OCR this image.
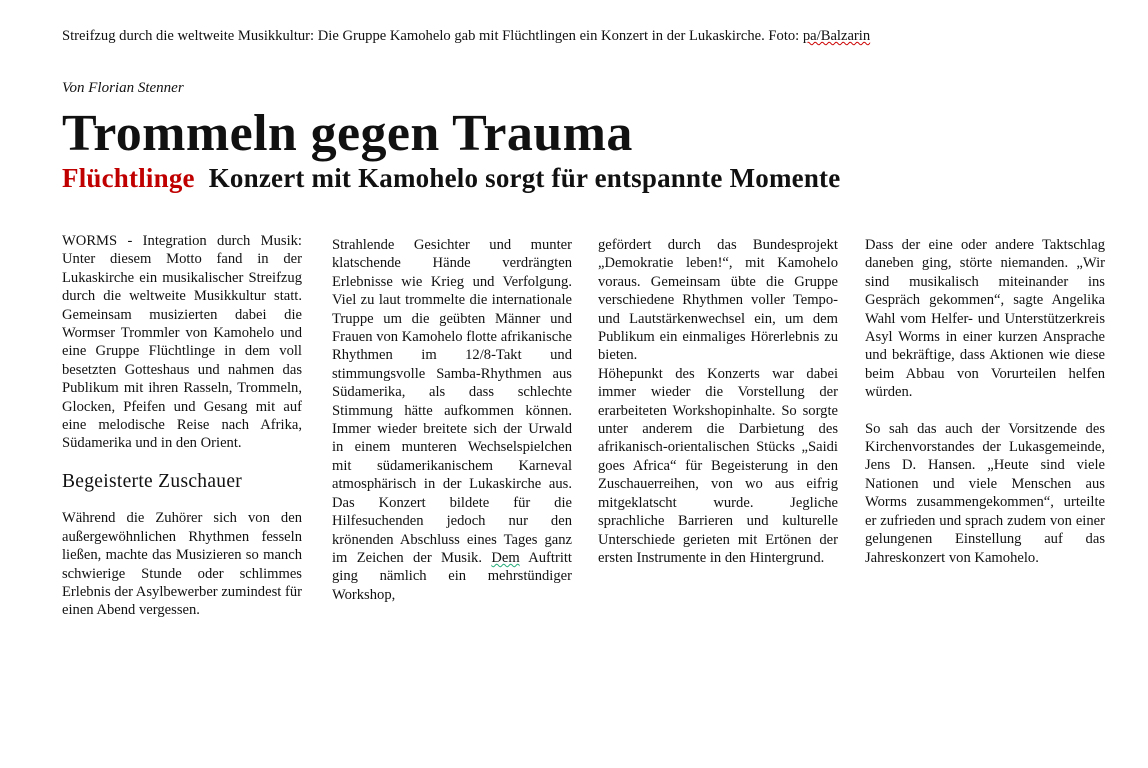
Streifzug durch die weltweite Musikkultur: Die Gruppe Kamohelo gab mit Flüchtlingen ein Konzert in der Lukaskirche. Foto: pa/Balzarin
Von Florian Stenner
Trommeln gegen Trauma
Flüchtlinge Konzert mit Kamohelo sorgt für entspannte Momente

WORMS - Integration durch Musik: Unter diesem Motto fand in der Lukaskirche ein musikalischer Streifzug durch die weltweite Musikkultur statt. Gemeinsam musizierten dabei die Wormser Trommler von Kamohelo und eine Gruppe Flüchtlinge in dem voll besetzten Gotteshaus und nahmen das Publikum mit ihren Rasseln, Trommeln, Glocken, Pfeifen und Gesang mit auf eine melodische Reise nach Afrika, Südamerika und in den Orient.

Begeisterte Zuschauer

Während die Zuhörer sich von den außergewöhnlichen Rhythmen fesseln ließen, machte das Musizieren so manch schwierige Stunde oder schlimmes Erlebnis der Asylbewerber zumindest für einen Abend vergessen.

Strahlende Gesichter und munter klatschende Hände verdrängten Erlebnisse wie Krieg und Verfolgung. Viel zu laut trommelte die internationale Truppe um die geübten Männer und Frauen von Kamohelo flotte afrikanische Rhythmen im 12/8-Takt und stimmungsvolle Samba-Rhythmen aus Südamerika, als dass schlechte Stimmung hätte aufkommen können. Immer wieder breitete sich der Urwald in einem munteren Wechselspielchen mit südamerikanischem Karneval atmosphärisch in der Lukaskirche aus. Das Konzert bildete für die Hilfesuchenden jedoch nur den krönenden Abschluss eines Tages ganz im Zeichen der Musik. Dem Auftritt ging nämlich ein mehrstündiger Workshop,

gefördert durch das Bundesprojekt „Demokratie leben!“, mit Kamohelo voraus. Gemeinsam übte die Gruppe verschiedene Rhythmen voller Tempo- und Lautstärkenwechsel ein, um dem Publikum ein einmaliges Hörerlebnis zu bieten.

Höhepunkt des Konzerts war dabei immer wieder die Vorstellung der erarbeiteten Workshopinhalte. So sorgte unter anderem die Darbietung des afrikanisch-orientalischen Stücks „Saidi goes Africa“ für Begeisterung in den Zuschauerreihen, von wo aus eifrig mitgeklatscht wurde. Jegliche sprachliche Barrieren und kulturelle Unterschiede gerieten mit Ertönen der ersten Instrumente in den Hintergrund.

Dass der eine oder andere Taktschlag daneben ging, störte niemanden. „Wir sind musikalisch miteinander ins Gespräch gekommen“, sagte Angelika Wahl vom Helfer- und Unterstützerkreis Asyl Worms in einer kurzen Ansprache und bekräftige, dass Aktionen wie diese beim Abbau von Vorurteilen helfen würden.

So sah das auch der Vorsitzende des Kirchenvorstandes der Lukasgemeinde, Jens D. Hansen. „Heute sind viele Nationen und viele Menschen aus Worms zusammengekommen“, urteilte er zufrieden und sprach zudem von einer gelungenen Einstellung auf das Jahreskonzert von Kamohelo.
